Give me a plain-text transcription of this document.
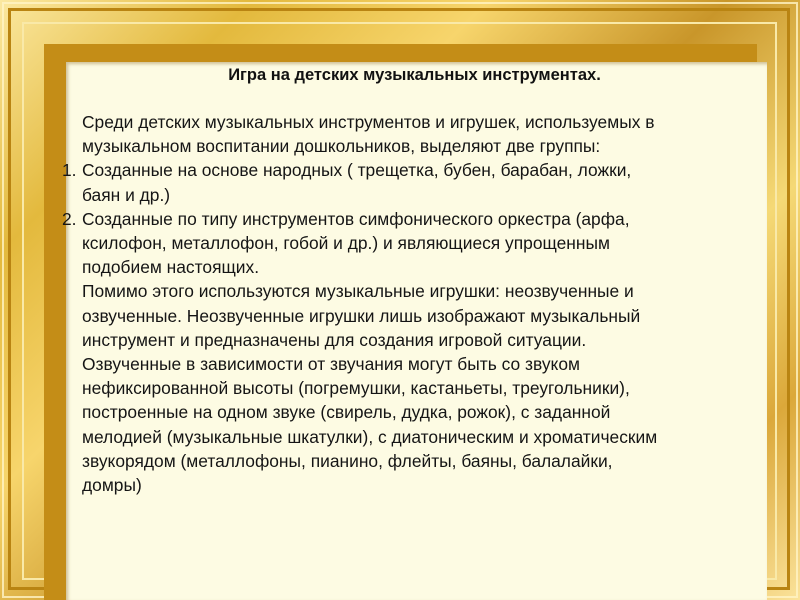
Игра на детских музыкальных инструментах.
Среди детских музыкальных инструментов и игрушек, используемых в
музыкальном воспитании дошкольников, выделяют две группы:
1. Созданные на основе народных ( трещетка, бубен, барабан, ложки,
баян и др.)
2. Созданные по типу инструментов симфонического оркестра (арфа,
ксилофон, металлофон, гобой и др.) и являющиеся упрощенным
подобием настоящих.
Помимо этого используются музыкальные игрушки: неозвученные и
озвученные. Неозвученные игрушки лишь изображают музыкальный
инструмент и предназначены для создания игровой ситуации.
Озвученные в зависимости от звучания могут быть со звуком
нефиксированной высоты (погремушки, кастаньеты, треугольники),
построенные на одном звуке (свирель, дудка, рожок), с заданной
мелодией (музыкальные шкатулки), с диатоническим и хроматическим
звукорядом (металлофоны, пианино, флейты, баяны, балалайки,
домры)
